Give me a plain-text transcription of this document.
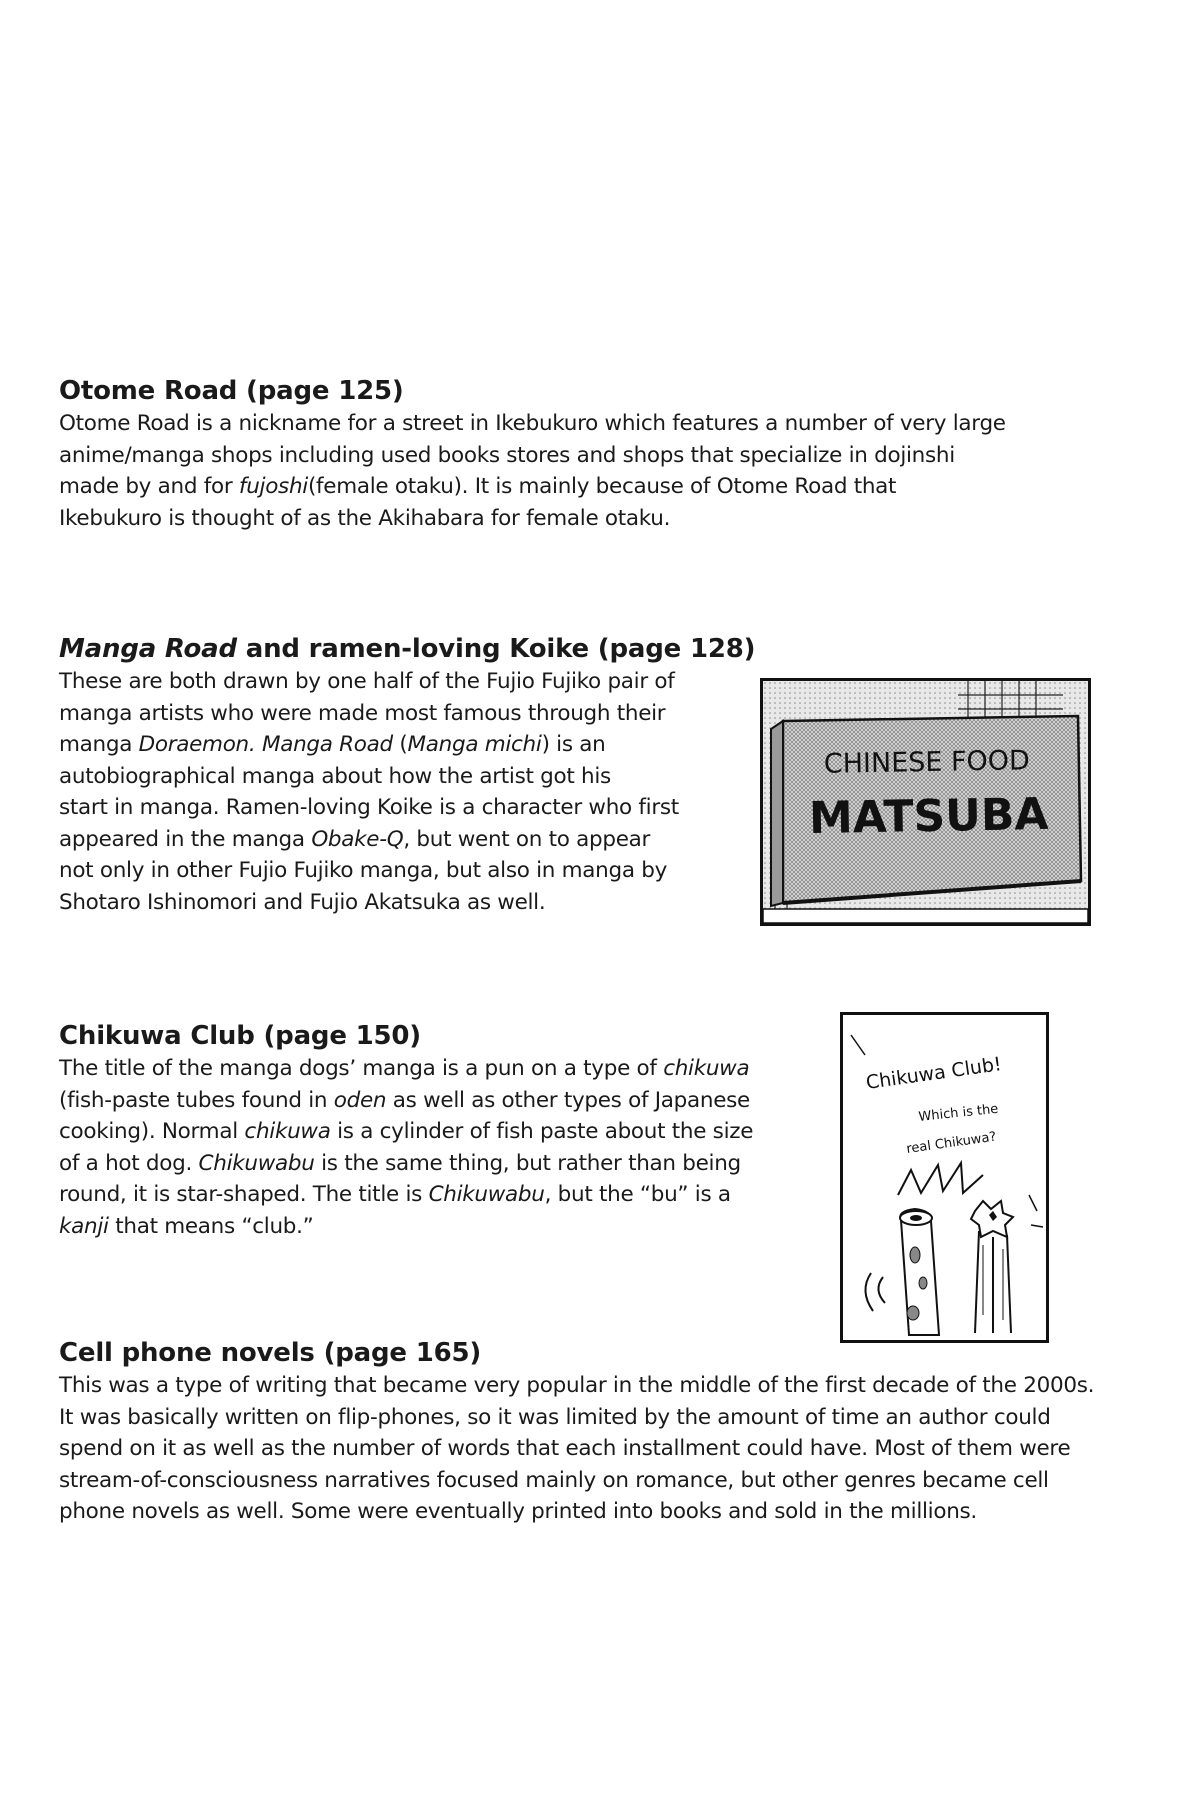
Otome Road (page 125)

Otome Road is a nickname for a street in Ikebukuro which features a number of very largeanime/manga shops including used books stores and shops that specialize in dojinshimade by and for fujoshi(female otaku). It is mainly because of Otome Road thatIkebukuro is thought of as the Akihabara for female otaku.

Manga Road and ramen-loving Koike (page 128)

These are both drawn by one half of the Fujio Fujiko pair ofmanga artists who were made most famous through theirmanga Doraemon. Manga Road (Manga michi) is anautobiographical manga about how the artist got hisstart in manga. Ramen-loving Koike is a character who firstappeared in the manga Obake-Q, but went on to appearnot only in other Fujio Fujiko manga, but also in manga byShotaro Ishinomori and Fujio Akatsuka as well.

CHINESE FOOD
MATSUBA
Chikuwa Club (page 150)

The title of the manga dogs’ manga is a pun on a type of chikuwa(fish-paste tubes found in oden as well as other types of Japanesecooking). Normal chikuwa is a cylinder of fish paste about the sizeof a hot dog. Chikuwabu is the same thing, but rather than beinground, it is star-shaped. The title is Chikuwabu, but the “bu” is akanji that means “club.”

Chikuwa Club!
Which is the
real Chikuwa?
Cell phone novels (page 165)

This was a type of writing that became very popular in the middle of the first decade of the 2000s.It was basically written on flip-phones, so it was limited by the amount of time an author couldspend on it as well as the number of words that each installment could have. Most of them werestream-of-consciousness narratives focused mainly on romance, but other genres became cellphone novels as well. Some were eventually printed into books and sold in the millions.
